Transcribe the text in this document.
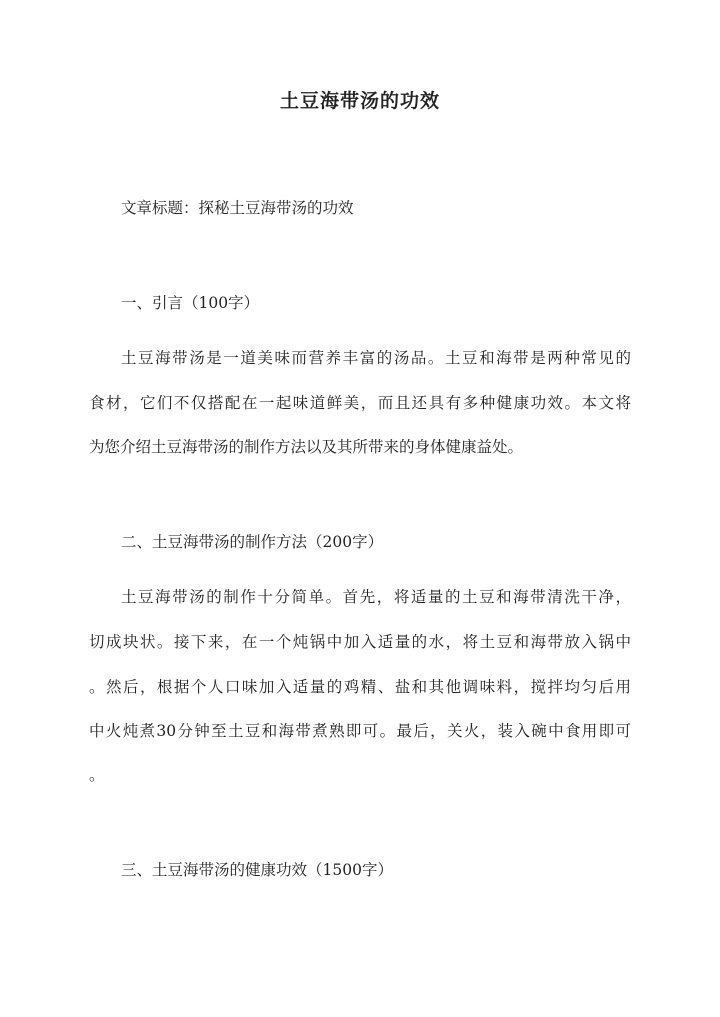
土豆海带汤的功效
文章标题：探秘土豆海带汤的功效
一、引言（100字）
土豆海带汤是一道美味而营养丰富的汤品。土豆和海带是两种常见的
食材，它们不仅搭配在一起味道鲜美，而且还具有多种健康功效。本文将
为您介绍土豆海带汤的制作方法以及其所带来的身体健康益处。
二、土豆海带汤的制作方法（200字）
土豆海带汤的制作十分简单。首先，将适量的土豆和海带清洗干净，
切成块状。接下来，在一个炖锅中加入适量的水，将土豆和海带放入锅中
。然后，根据个人口味加入适量的鸡精、盐和其他调味料，搅拌均匀后用
中火炖煮30分钟至土豆和海带煮熟即可。最后，关火，装入碗中食用即可
。
三、土豆海带汤的健康功效（1500字）
